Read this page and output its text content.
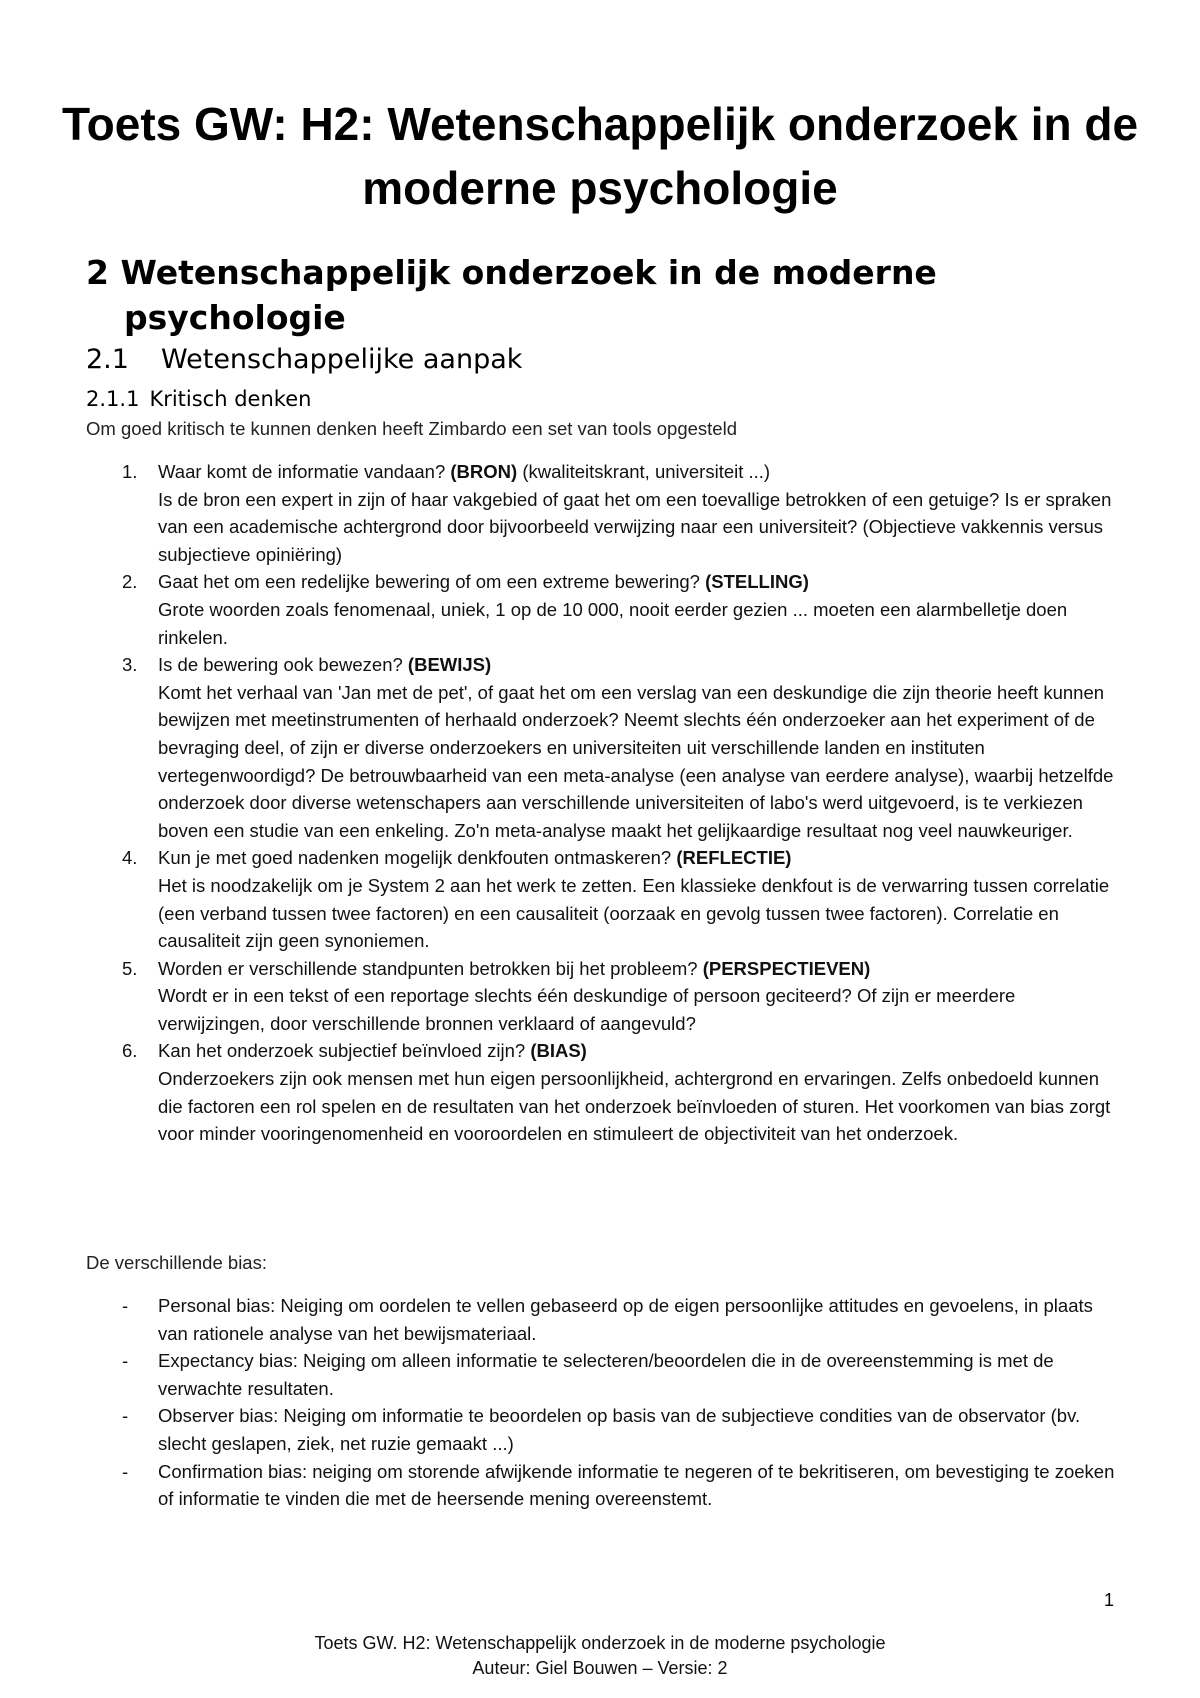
Toets GW: H2: Wetenschappelijk onderzoek in de moderne psychologie
2 Wetenschappelijk onderzoek in de moderne psychologie
2.1 Wetenschappelijke aanpak
2.1.1 Kritisch denken

Om goed kritisch te kunnen denken heeft Zimbardo een set van tools opgesteld

1. Waar komt de informatie vandaan? (BRON) (kwaliteitskrant, universiteit ...)
Is de bron een expert in zijn of haar vakgebied of gaat het om een toevallige betrokken of een getuige? Is er spraken van een academische achtergrond door bijvoorbeeld verwijzing naar een universiteit? (Objectieve vakkennis versus subjectieve opiniëring)
2. Gaat het om een redelijke bewering of om een extreme bewering? (STELLING)
Grote woorden zoals fenomenaal, uniek, 1 op de 10 000, nooit eerder gezien ... moeten een alarmbelletje doen rinkelen.
3. Is de bewering ook bewezen? (BEWIJS)
Komt het verhaal van 'Jan met de pet', of gaat het om een verslag van een deskundige die zijn theorie heeft kunnen bewijzen met meetinstrumenten of herhaald onderzoek? Neemt slechts één onderzoeker aan het experiment of de bevraging deel, of zijn er diverse onderzoekers en universiteiten uit verschillende landen en instituten vertegenwoordigd? De betrouwbaarheid van een meta-analyse (een analyse van eerdere analyse), waarbij hetzelfde onderzoek door diverse wetenschapers aan verschillende universiteiten of labo's werd uitgevoerd, is te verkiezen boven een studie van een enkeling. Zo'n meta-analyse maakt het gelijkaardige resultaat nog veel nauwkeuriger.
4. Kun je met goed nadenken mogelijk denkfouten ontmaskeren? (REFLECTIE)
Het is noodzakelijk om je System 2 aan het werk te zetten. Een klassieke denkfout is de verwarring tussen correlatie (een verband tussen twee factoren) en een causaliteit (oorzaak en gevolg tussen twee factoren). Correlatie en causaliteit zijn geen synoniemen.
5. Worden er verschillende standpunten betrokken bij het probleem? (PERSPECTIEVEN)
Wordt er in een tekst of een reportage slechts één deskundige of persoon geciteerd? Of zijn er meerdere verwijzingen, door verschillende bronnen verklaard of aangevuld?
6. Kan het onderzoek subjectief beïnvloed zijn? (BIAS)
Onderzoekers zijn ook mensen met hun eigen persoonlijkheid, achtergrond en ervaringen. Zelfs onbedoeld kunnen die factoren een rol spelen en de resultaten van het onderzoek beïnvloeden of sturen. Het voorkomen van bias zorgt voor minder vooringenomenheid en vooroordelen en stimuleert de objectiviteit van het onderzoek.

De verschillende bias:

- Personal bias: Neiging om oordelen te vellen gebaseerd op de eigen persoonlijke attitudes en gevoelens, in plaats van rationele analyse van het bewijsmateriaal.
- Expectancy bias: Neiging om alleen informatie te selecteren/beoordelen die in de overeenstemming is met de verwachte resultaten.
- Observer bias: Neiging om informatie te beoordelen op basis van de subjectieve condities van de observator (bv. slecht geslapen, ziek, net ruzie gemaakt ...)
- Confirmation bias: neiging om storende afwijkende informatie te negeren of te bekritiseren, om bevestiging te zoeken of informatie te vinden die met de heersende mening overeenstemt.
1
Toets GW. H2: Wetenschappelijk onderzoek in de moderne psychologie
Auteur: Giel Bouwen – Versie: 2
